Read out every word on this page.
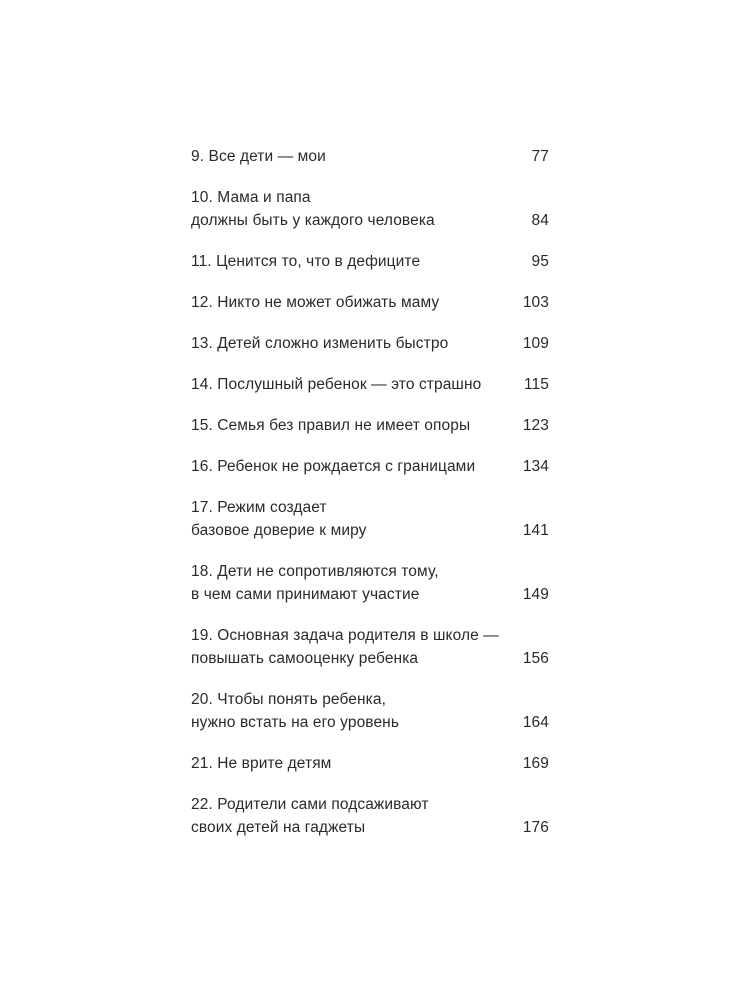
9. Все дети — мои	77
10. Мама и папа
должны быть у каждого человека	84
11. Ценится то, что в дефиците	95
12. Никто не может обижать маму	103
13. Детей сложно изменить быстро	109
14. Послушный ребенок — это страшно	115
15. Семья без правил не имеет опоры	123
16. Ребенок не рождается с границами	134
17. Режим создает
базовое доверие к миру	141
18. Дети не сопротивляются тому,
в чем сами принимают участие	149
19. Основная задача родителя в школе —
повышать самооценку ребенка	156
20. Чтобы понять ребенка,
нужно встать на его уровень	164
21. Не врите детям	169
22. Родители сами подсаживают
своих детей на гаджеты	176
